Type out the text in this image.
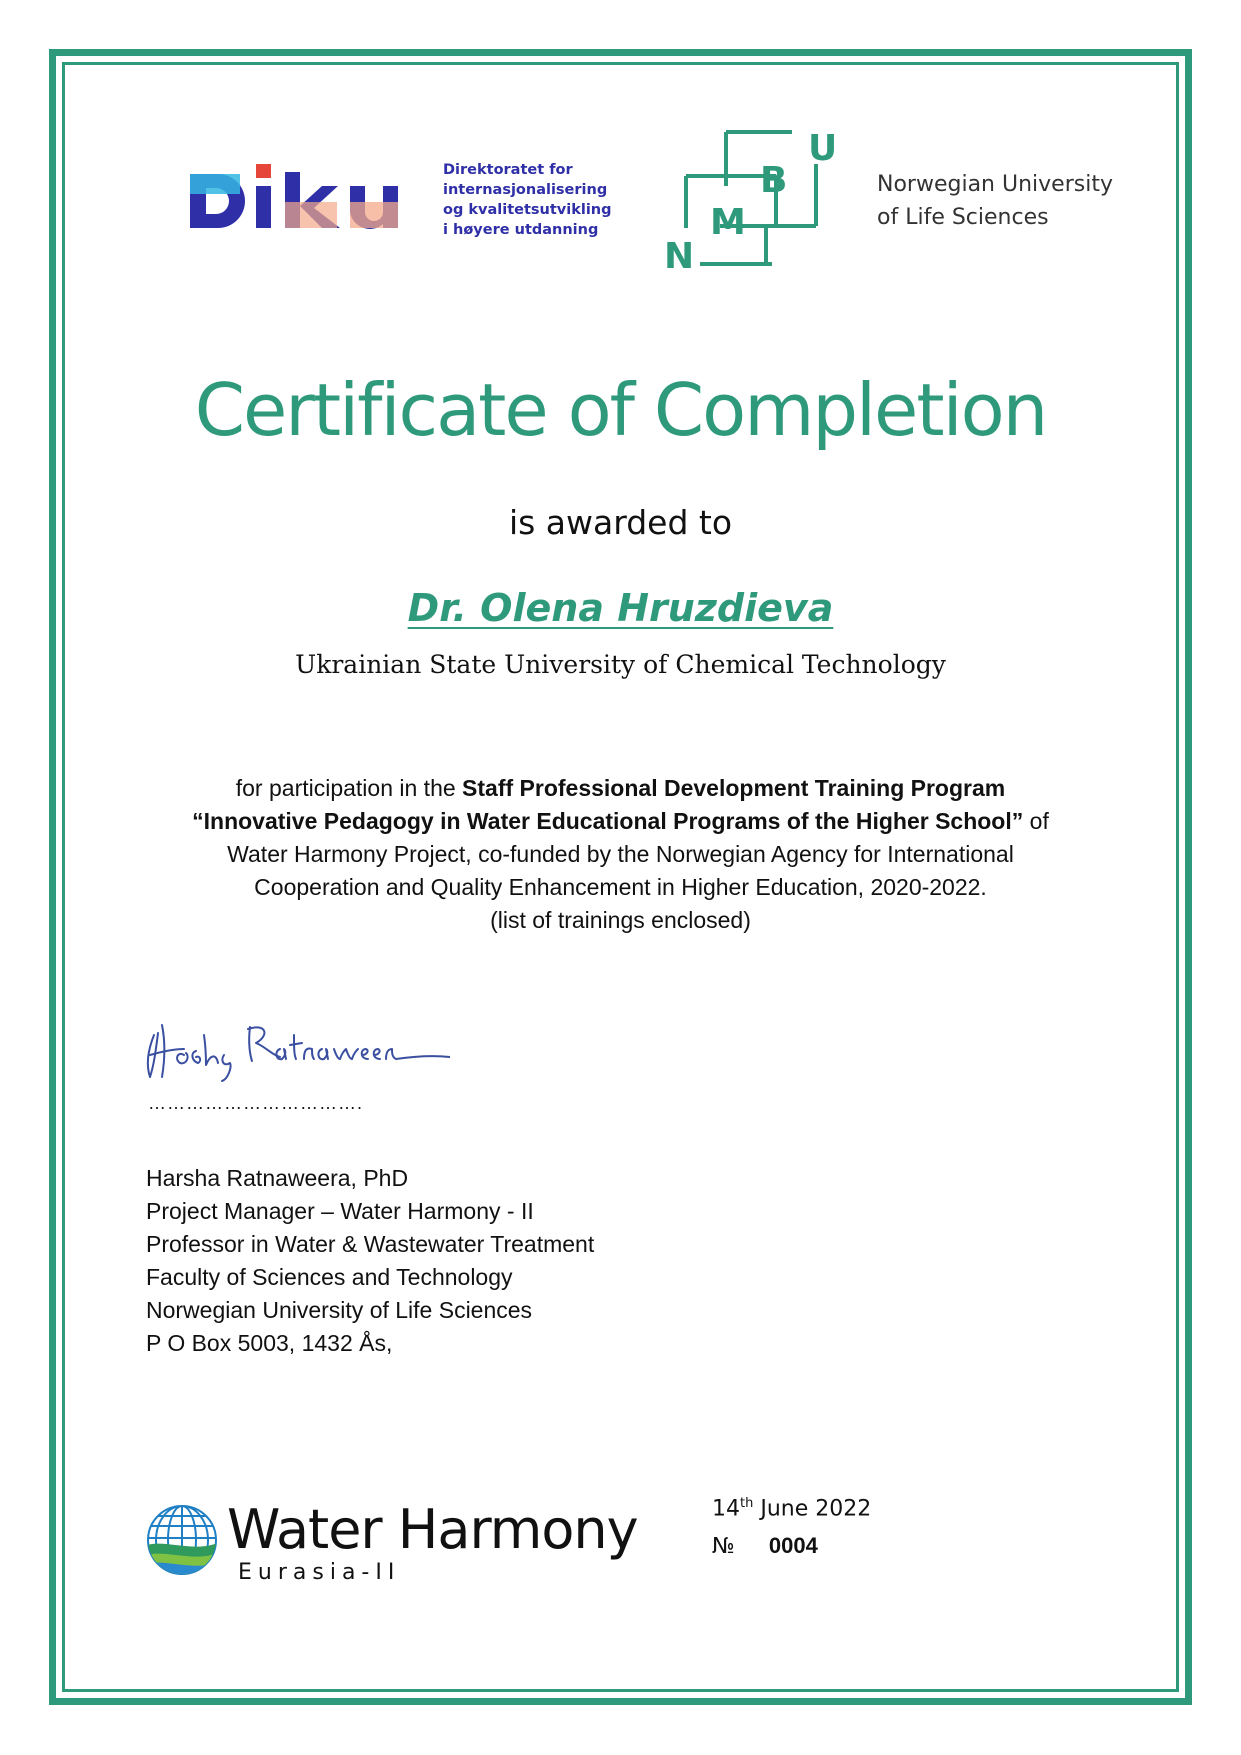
Direktoratet for
internasjonalisering
og kvalitetsutvikling
i høyere utdanning
N
M
B
U
Norwegian University
of Life Sciences
Certificate of Completion
is awarded to
Dr. Olena Hruzdieva
Ukrainian State University of Chemical Technology
for participation in the Staff Professional Development Training Program
“Innovative Pedagogy in Water Educational Programs of the Higher School” of
Water Harmony Project, co-funded by the Norwegian Agency for International
Cooperation and Quality Enhancement in Higher Education, 2020-2022.
(list of trainings enclosed)
…………………………….
Harsha Ratnaweera, PhD
Project Manager – Water Harmony - II
Professor in Water & Wastewater Treatment
Faculty of Sciences and Technology
Norwegian University of Life Sciences
P O Box 5003, 1432 Ås,
Water Harmony
Eurasia-II
14th June 2022
№ 0004
